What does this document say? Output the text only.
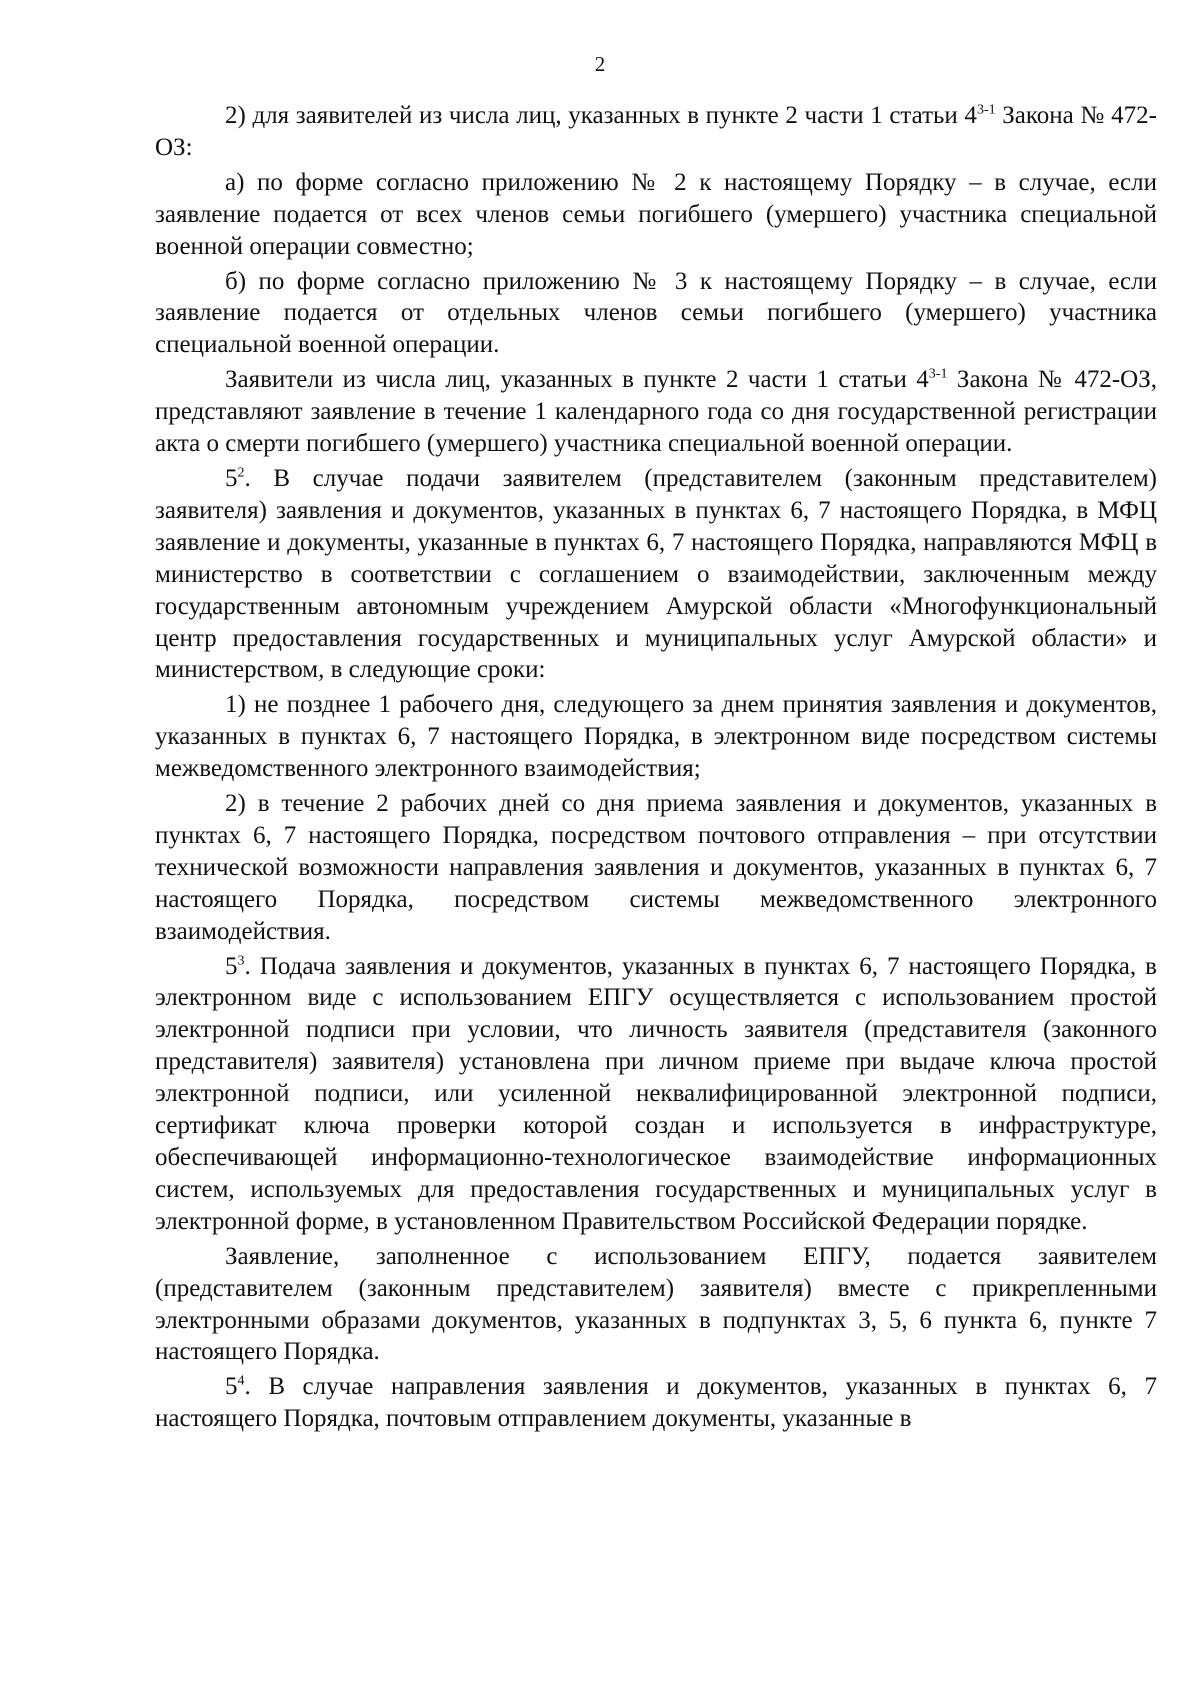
2

2) для заявителей из числа лиц, указанных в пункте 2 части 1 статьи 4$^{3-1}$ Закона № 472-ОЗ:

а) по форме согласно приложению № 2 к настоящему Порядку – в случае, если заявление подается от всех членов семьи погибшего (умершего) участника специальной военной операции совместно;

б) по форме согласно приложению № 3 к настоящему Порядку – в случае, если заявление подается от отдельных членов семьи погибшего (умершего) участника специальной военной операции.

Заявители из числа лиц, указанных в пункте 2 части 1 статьи 4$^{3-1}$ Закона № 472-ОЗ, представляют заявление в течение 1 календарного года со дня государственной регистрации акта о смерти погибшего (умершего) участника специальной военной операции.

$5^2$. В случае подачи заявителем (представителем (законным представителем) заявителя) заявления и документов, указанных в пунктах 6, 7 настоящего Порядка, в МФЦ заявление и документы, указанные в пунктах 6, 7 настоящего Порядка, направляются МФЦ в министерство в соответствии с соглашением о взаимодействии, заключенным между государственным автономным учреждением Амурской области «Многофункциональный центр предоставления государственных и муниципальных услуг Амурской области» и министерством, в следующие сроки:

1) не позднее 1 рабочего дня, следующего за днем принятия заявления и документов, указанных в пунктах 6, 7 настоящего Порядка, в электронном виде посредством системы межведомственного электронного взаимодействия;

2) в течение 2 рабочих дней со дня приема заявления и документов, указанных в пунктах 6, 7 настоящего Порядка, посредством почтового отправления – при отсутствии технической возможности направления заявления и документов, указанных в пунктах 6, 7 настоящего Порядка, посредством системы межведомственного электронного взаимодействия.

$5^3$. Подача заявления и документов, указанных в пунктах 6, 7 настоящего Порядка, в электронном виде с использованием ЕПГУ осуществляется с использованием простой электронной подписи при условии, что личность заявителя (представителя (законного представителя) заявителя) установлена при личном приеме при выдаче ключа простой электронной подписи, или усиленной неквалифицированной электронной подписи, сертификат ключа проверки которой создан и используется в инфраструктуре, обеспечивающей информационно-технологическое взаимодействие информационных систем, используемых для предоставления государственных и муниципальных услуг в электронной форме, в установленном Правительством Российской Федерации порядке.

Заявление, заполненное с использованием ЕПГУ, подается заявителем (представителем (законным представителем) заявителя) вместе с прикрепленными электронными образами документов, указанных в подпунктах 3, 5, 6 пункта 6, пункте 7 настоящего Порядка.

$5^4$. В случае направления заявления и документов, указанных в пунктах 6, 7 настоящего Порядка, почтовым отправлением документы, указанные в
